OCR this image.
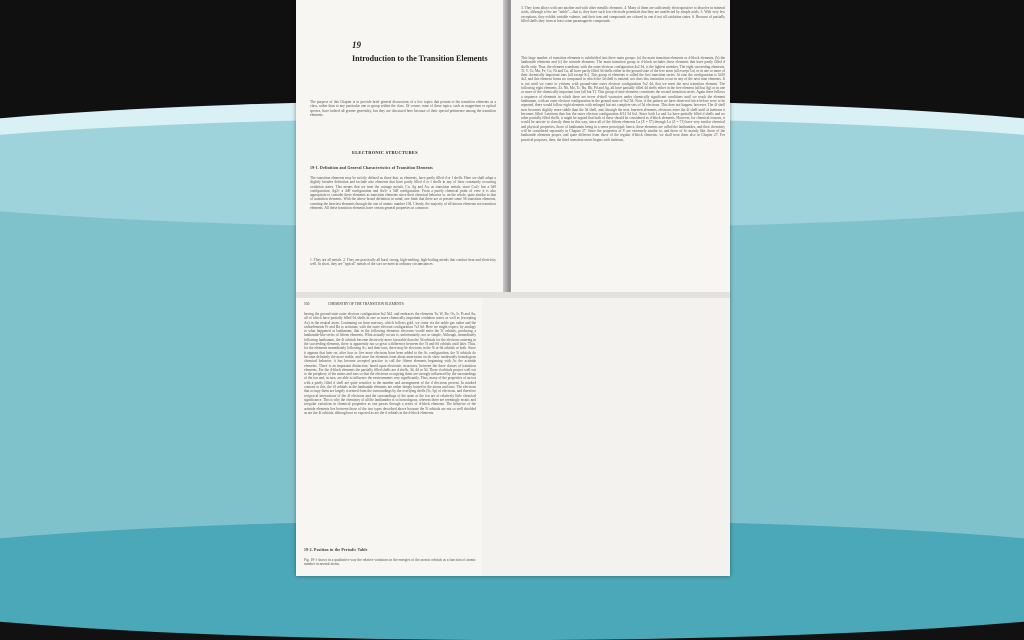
19
Introduction to the Transition Elements
The purpose of this Chapter is to provide brief general discussions of a few topics that pertain to the transition elements as a class, rather than to any particular one or group within the class. Of course, none of these topics, such as magnetism or optical spectra, have indeed all greater generality, but they are discussed here because of their special pertinence among the transition elements.
ELECTRONIC STRUCTURES
19-1. Definition and General Characteristics of Transition Elements
The transition elements may be strictly defined as those that, as elements, have partly filled d or f shells. Here we shall adopt a slightly broader definition and include also elements that have partly filled d or f shells in any of their commonly occurring oxidation states. This means that we treat the coinage metals, Cu, Ag and Au, as transition metals, since Cu2+ has a 3d9 configuration, Ag2+ a 4d9 configuration and Au3+ a 5d8 configuration. From a purely chemical point of view it is also appropriate to consider these elements as transition elements since their chemical behavior is, on the whole, quite similar to that of transition elements. With the above broad definition in mind, one finds that there are at present some 56 transition elements, counting the heaviest elements through the one of atomic number 104. Clearly, the majority of all known elements are transition elements. All these transition elements have certain general properties in common:
1. They are all metals. 2. They are practically all hard, strong, high-melting, high-boiling metals that conduct heat and electricity well. In short, they are "typical" metals of the sort we meet in ordinary circumstances.
3. They form alloys with one another and with other metallic elements. 4. Many of them are sufficiently electropositive to dissolve in mineral acids, although a few are "noble"—that is, they have such low electrode potentials that they are unaffected by simple acids. 5. With very few exceptions, they exhibit variable valence, and their ions and compounds are colored in one if not all oxidation states. 6. Because of partially filled shells they form at least some paramagnetic compounds.
This large number of transition elements is subdivided into three main groups: (a) the main transition elements or d-block elements, (b) the lanthanide elements and (c) the actinide elements. The main transition group or d-block includes those elements that have partly filled d shells only. Thus, the element scandium, with the outer electron configuration 4s2 3d, is the lightest member. The eight succeeding elements, Ti, V, Cr, Mn, Fe, Co, Ni and Cu, all have partly filled 3d shells either in the ground state of the free atom (all except Cu) or in one or more of their chemically important ions (all except Sc). This group of elements is called the first transition series. At zinc the configuration is 3d10 4s2, and this element forms no compound in which the 3d shell is ionized, nor does this ionization occur in any of the next nine elements. It is not until we come to yttrium, with ground-state outer electron configuration 5s2 4d, that we meet the next transition element. The following eight elements, Zr, Nb, Mo, Tc, Ru, Rh, Pd and Ag, all have partially filled 4d shells either in the free element (all but Ag) or in one or more of the chemically important ions (all but Y). This group of nine elements constitutes the second transition series. Again there follows a sequence of elements in which there are never d-shell vacancies under chemically significant conditions until we reach the element lanthanum, with an outer electron configuration in the ground state of 6s2 5d. Now, if the pattern we have observed twice before were to be repeated, there would follow eight elements with enlarged but not complete sets of 5d electrons. This does not happen, however. The 4f shell now becomes slightly more stable than the 5d shell, and, through the next fourteen elements, electrons enter the 4f shell until at lutetium it becomes filled. Lutetium thus has the outer electron configuration 4f14 5d 6s2. Since both La and Lu have partially filled d shells and no other partially filled shells, it might be argued that both of these should be considered as d-block elements. However, for chemical reasons, it would be unwise to classify them in this way, since all of the fifteen elements La (Z = 57) through Lu (Z = 71) have very similar chemical and physical properties, those of lanthanum being in a sense prototypal; hence, these elements are called the lanthanides, and their chemistry will be considered separately in Chapter 27. Since the properties of Y are extremely similar to, and those of Sc mainly like, those of the lanthanide elements proper, and quite different from those of the regular d-block elements, we shall treat them also in Chapter 27. For practical purposes, then, the third transition series begins with hafnium,
530	CHEMISTRY OF THE TRANSITION ELEMENTS
having the ground-state outer electron configuration 6s2 5d2, and embraces the elements Ta, W, Re, Os, Ir, Pt and Au, all of which have partially filled 5d shells in one or more chemically important oxidation states as well as (excepting Au) in the neutral atom. Continuing on from mercury, which follows gold, we come via the noble gas radon and the radioelements Fr and Ra to actinium, with the outer electron configuration 7s2 6d. Here we might expect, by analogy to what happened at lanthanum, that in the following elements electrons would enter the 5f orbitals, producing a lanthanide-like series of fifteen elements. What actually occurs is, unfortunately, not so simple. Although, immediately following lanthanum, the 4f orbitals become decisively more favorable than the 5d orbitals for the electrons entering in the succeeding elements, there is apparently not so great a difference between the 5f and 6d orbitals until later. Thus, for the elements immediately following Ac, and their ions, there may be electrons in the 5f or 6d orbitals or both. Since it appears that later on, after four or five more electrons have been added to the Ac configuration, the 5f orbitals do become definitely the more stable, and since the elements from about americium on do show moderately homologous chemical behavior, it has become accepted practice to call the fifteen elements beginning with Ac the actinide elements. There is an important distinction, based upon electronic structures, between the three classes of transition elements. For the d-block elements the partially filled shells are d shells, 3d, 4d or 5d. These d orbitals project well out to the periphery of the atoms and ions so that the electrons occupying them are strongly influenced by the surroundings of the ion and, in turn, are able to influence the environments very significantly. Thus, many of the properties of an ion with a partly filled d shell are quite sensitive to the number and arrangement of the d electrons present. In marked contrast to this, the 4f orbitals in the lanthanide elements are rather deeply buried in the atoms and ions. The electrons that occupy them are largely screened from the surroundings by the overlying shells (5s, 5p) of electrons, and therefore reciprocal interactions of the 4f electrons and the surroundings of the atom or the ion are of relatively little chemical significance. This is why the chemistry of all the lanthanides is so homologous, whereas there are seemingly erratic and irregular variations in chemical properties as one passes through a series of d-block elements. The behavior of the actinide elements lies between those of the two types described above because the 5f orbitals are not so well shielded as are the 4f orbitals, although not so exposed as are the d orbitals in the d-block elements.
19-2. Position in the Periodic Table
Fig. 19-1 shows in a qualitative way the relative variations in the energies of the atomic orbitals as a function of atomic number in neutral atoms.
